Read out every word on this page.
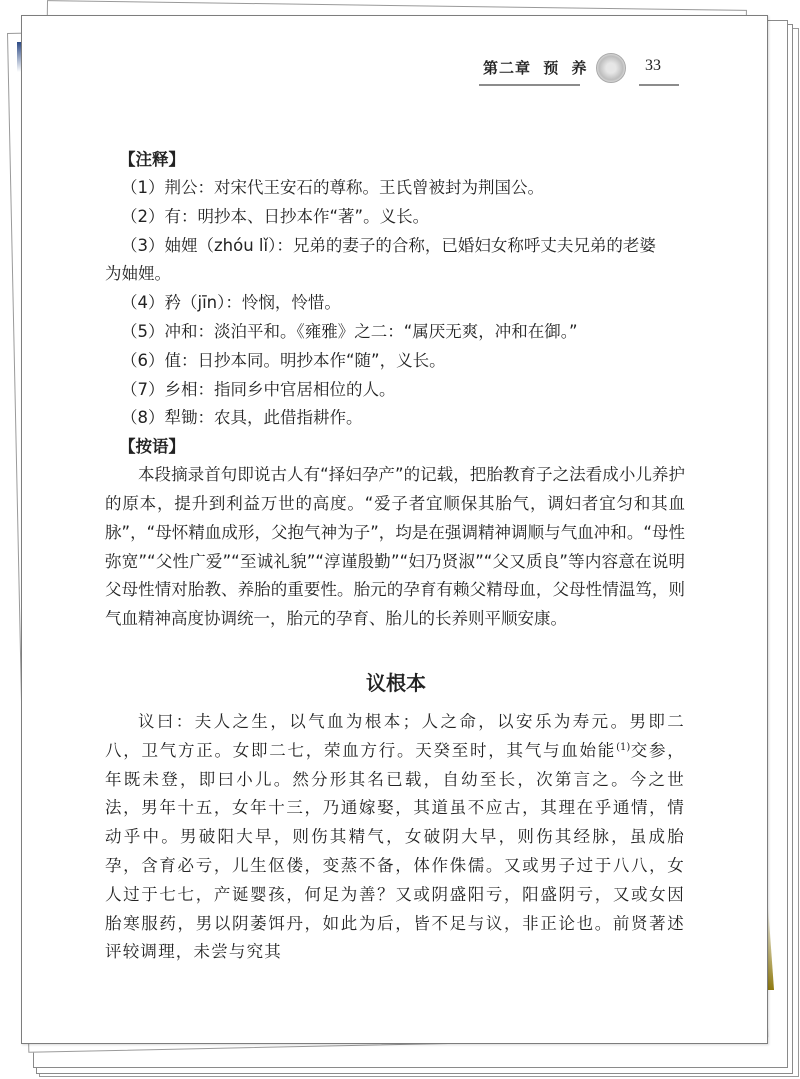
第二章 预 养	33
【注释】
（1）荆公：对宋代王安石的尊称。王氏曾被封为荆国公。
（2）有：明抄本、日抄本作“著”。义长。
（3）妯娌（zhóu lǐ）：兄弟的妻子的合称，已婚妇女称呼丈夫兄弟的老婆
为妯娌。
（4）矜（jīn）：怜悯，怜惜。
（5）冲和：淡泊平和。《雍雅》之二：“属厌无爽，冲和在御。”
（6）值：日抄本同。明抄本作“随”，义长。
（7）乡相：指同乡中官居相位的人。
（8）犁锄：农具，此借指耕作。
【按语】
本段摘录首句即说古人有“择妇孕产”的记载，把胎教育子之法看成小儿养护的原本，提升到利益万世的高度。“爱子者宜顺保其胎气，调妇者宜匀和其血脉”，“母怀精血成形，父抱气神为子”，均是在强调精神调顺与气血冲和。“母性弥宽”“父性广爱”“至诚礼貌”“淳谨殷勤”“妇乃贤淑”“父又质良”等内容意在说明父母性情对胎教、养胎的重要性。胎元的孕育有赖父精母血，父母性情温笃，则气血精神高度协调统一，胎元的孕育、胎儿的长养则平顺安康。
议根本
议曰：夫人之生，以气血为根本；人之命，以安乐为寿元。男即二八，卫气方正。女即二七，荣血方行。天癸至时，其气与血始能$^{(1)}$交参，年既未登，即曰小儿。然分形其名已载，自幼至长，次第言之。今之世法，男年十五，女年十三，乃通嫁娶，其道虽不应古，其理在乎通情，情动乎中。男破阳大早，则伤其精气，女破阴大早，则伤其经脉，虽成胎孕，含育必亏，儿生伛偻，变蒸不备，体作侏儒。又或男子过于八八，女人过于七七，产诞婴孩，何足为善？又或阴盛阳亏，阳盛阴亏，又或女因胎寒服药，男以阴萎饵丹，如此为后，皆不足与议，非正论也。前贤著述评较调理，未尝与究其
